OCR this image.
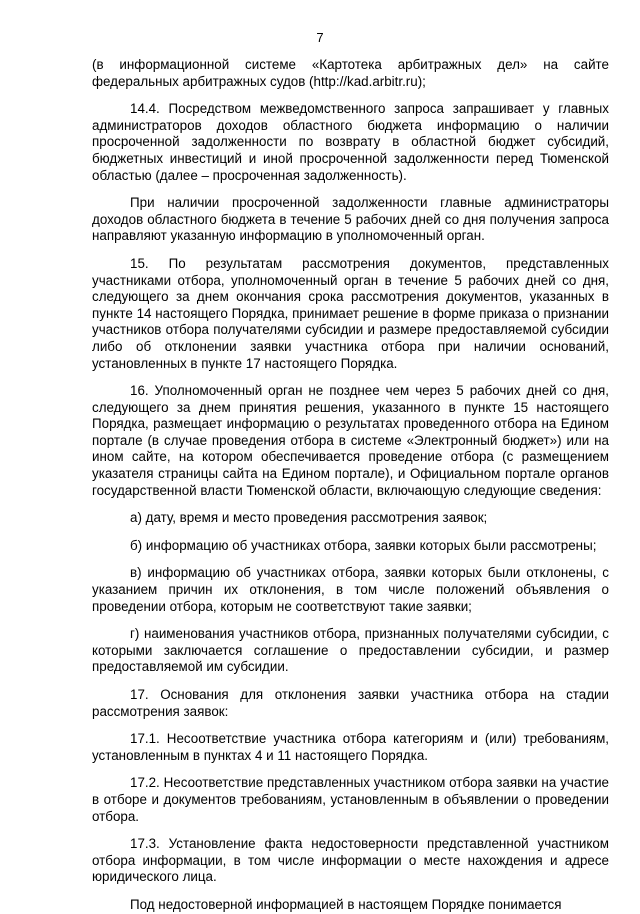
7

(в информационной системе «Картотека арбитражных дел» на сайте федеральных арбитражных судов (http://kad.arbitr.ru);

14.4. Посредством межведомственного запроса запрашивает у главных администраторов доходов областного бюджета информацию о наличии просроченной задолженности по возврату в областной бюджет субсидий, бюджетных инвестиций и иной просроченной задолженности перед Тюменской областью (далее – просроченная задолженность).

При наличии просроченной задолженности главные администраторы доходов областного бюджета в течение 5 рабочих дней со дня получения запроса направляют указанную информацию в уполномоченный орган.

15. По результатам рассмотрения документов, представленных участниками отбора, уполномоченный орган в течение 5 рабочих дней со дня, следующего за днем окончания срока рассмотрения документов, указанных в пункте 14 настоящего Порядка, принимает решение в форме приказа о признании участников отбора получателями субсидии и размере предоставляемой субсидии либо об отклонении заявки участника отбора при наличии оснований, установленных в пункте 17 настоящего Порядка.

16. Уполномоченный орган не позднее чем через 5 рабочих дней со дня, следующего за днем принятия решения, указанного в пункте 15 настоящего Порядка, размещает информацию о результатах проведенного отбора на Едином портале (в случае проведения отбора в системе «Электронный бюджет») или на ином сайте, на котором обеспечивается проведение отбора (с размещением указателя страницы сайта на Едином портале), и Официальном портале органов государственной власти Тюменской области, включающую следующие сведения:

а) дату, время и место проведения рассмотрения заявок;

б) информацию об участниках отбора, заявки которых были рассмотрены;

в) информацию об участниках отбора, заявки которых были отклонены, с указанием причин их отклонения, в том числе положений объявления о проведении отбора, которым не соответствуют такие заявки;

г) наименования участников отбора, признанных получателями субсидии, с которыми заключается соглашение о предоставлении субсидии, и размер предоставляемой им субсидии.

17. Основания для отклонения заявки участника отбора на стадии рассмотрения заявок:

17.1. Несоответствие участника отбора категориям и (или) требованиям, установленным в пунктах 4 и 11 настоящего Порядка.

17.2. Несоответствие представленных участником отбора заявки на участие в отборе и документов требованиям, установленным в объявлении о проведении отбора.

17.3. Установление факта недостоверности представленной участником отбора информации, в том числе информации о месте нахождения и адресе юридического лица.

Под недостоверной информацией в настоящем Порядке понимается
